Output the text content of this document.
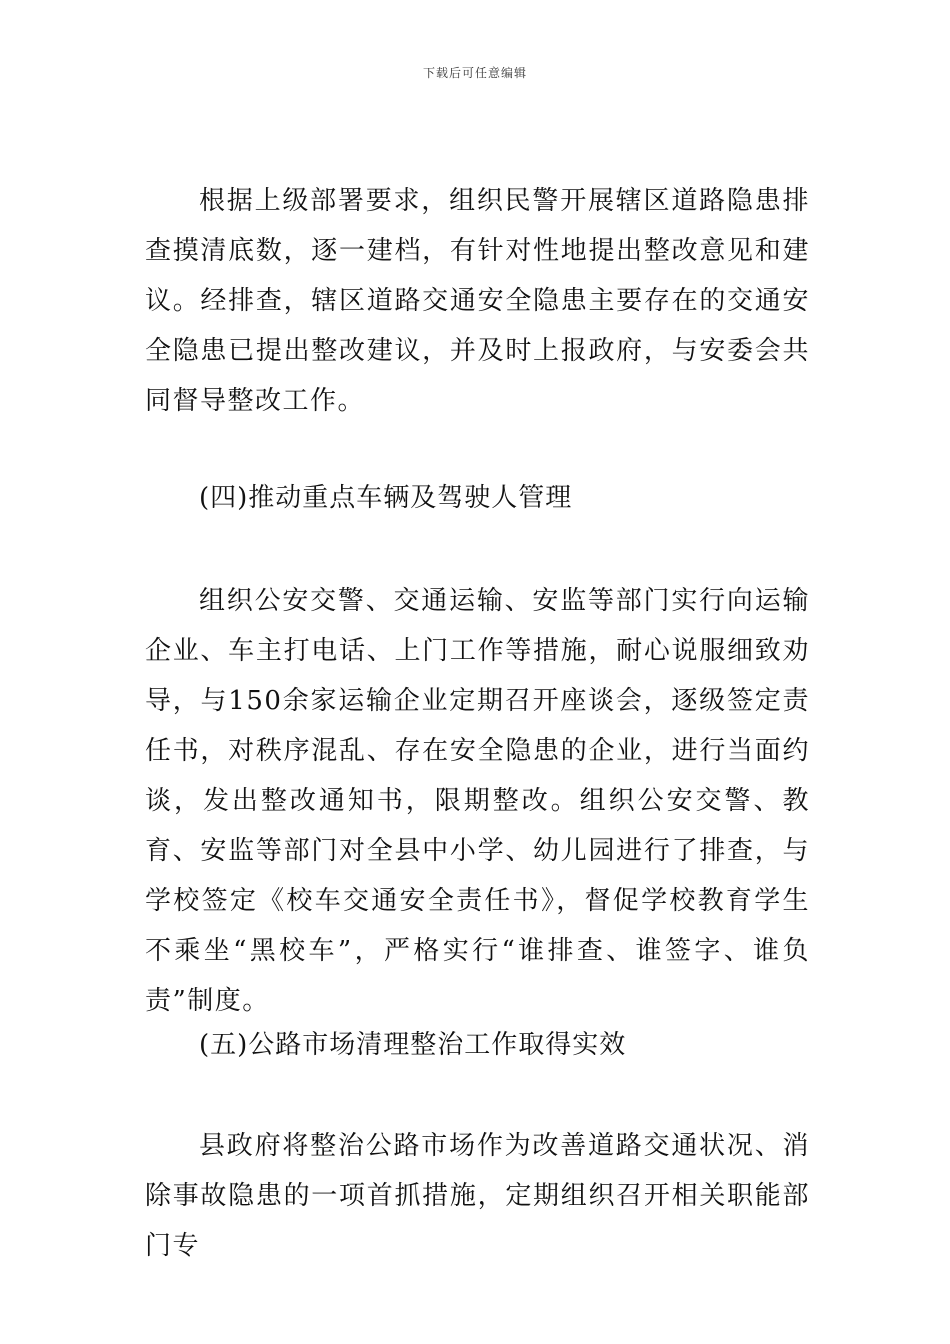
下载后可任意编辑

根据上级部署要求，组织民警开展辖区道路隐患排查摸清底数，逐一建档，有针对性地提出整改意见和建议。经排查，辖区道路交通安全隐患主要存在的交通安全隐患已提出整改建议，并及时上报政府，与安委会共同督导整改工作。

(四)推动重点车辆及驾驶人管理

组织公安交警、交通运输、安监等部门实行向运输企业、车主打电话、上门工作等措施，耐心说服细致劝导，与150余家运输企业定期召开座谈会，逐级签定责任书，对秩序混乱、存在安全隐患的企业，进行当面约谈，发出整改通知书，限期整改。组织公安交警、教育、安监等部门对全县中小学、幼儿园进行了排查，与学校签定《校车交通安全责任书》，督促学校教育学生不乘坐“黑校车”，严格实行“谁排查、谁签字、谁负责”制度。

(五)公路市场清理整治工作取得实效

县政府将整治公路市场作为改善道路交通状况、消除事故隐患的一项首抓措施，定期组织召开相关职能部门专
